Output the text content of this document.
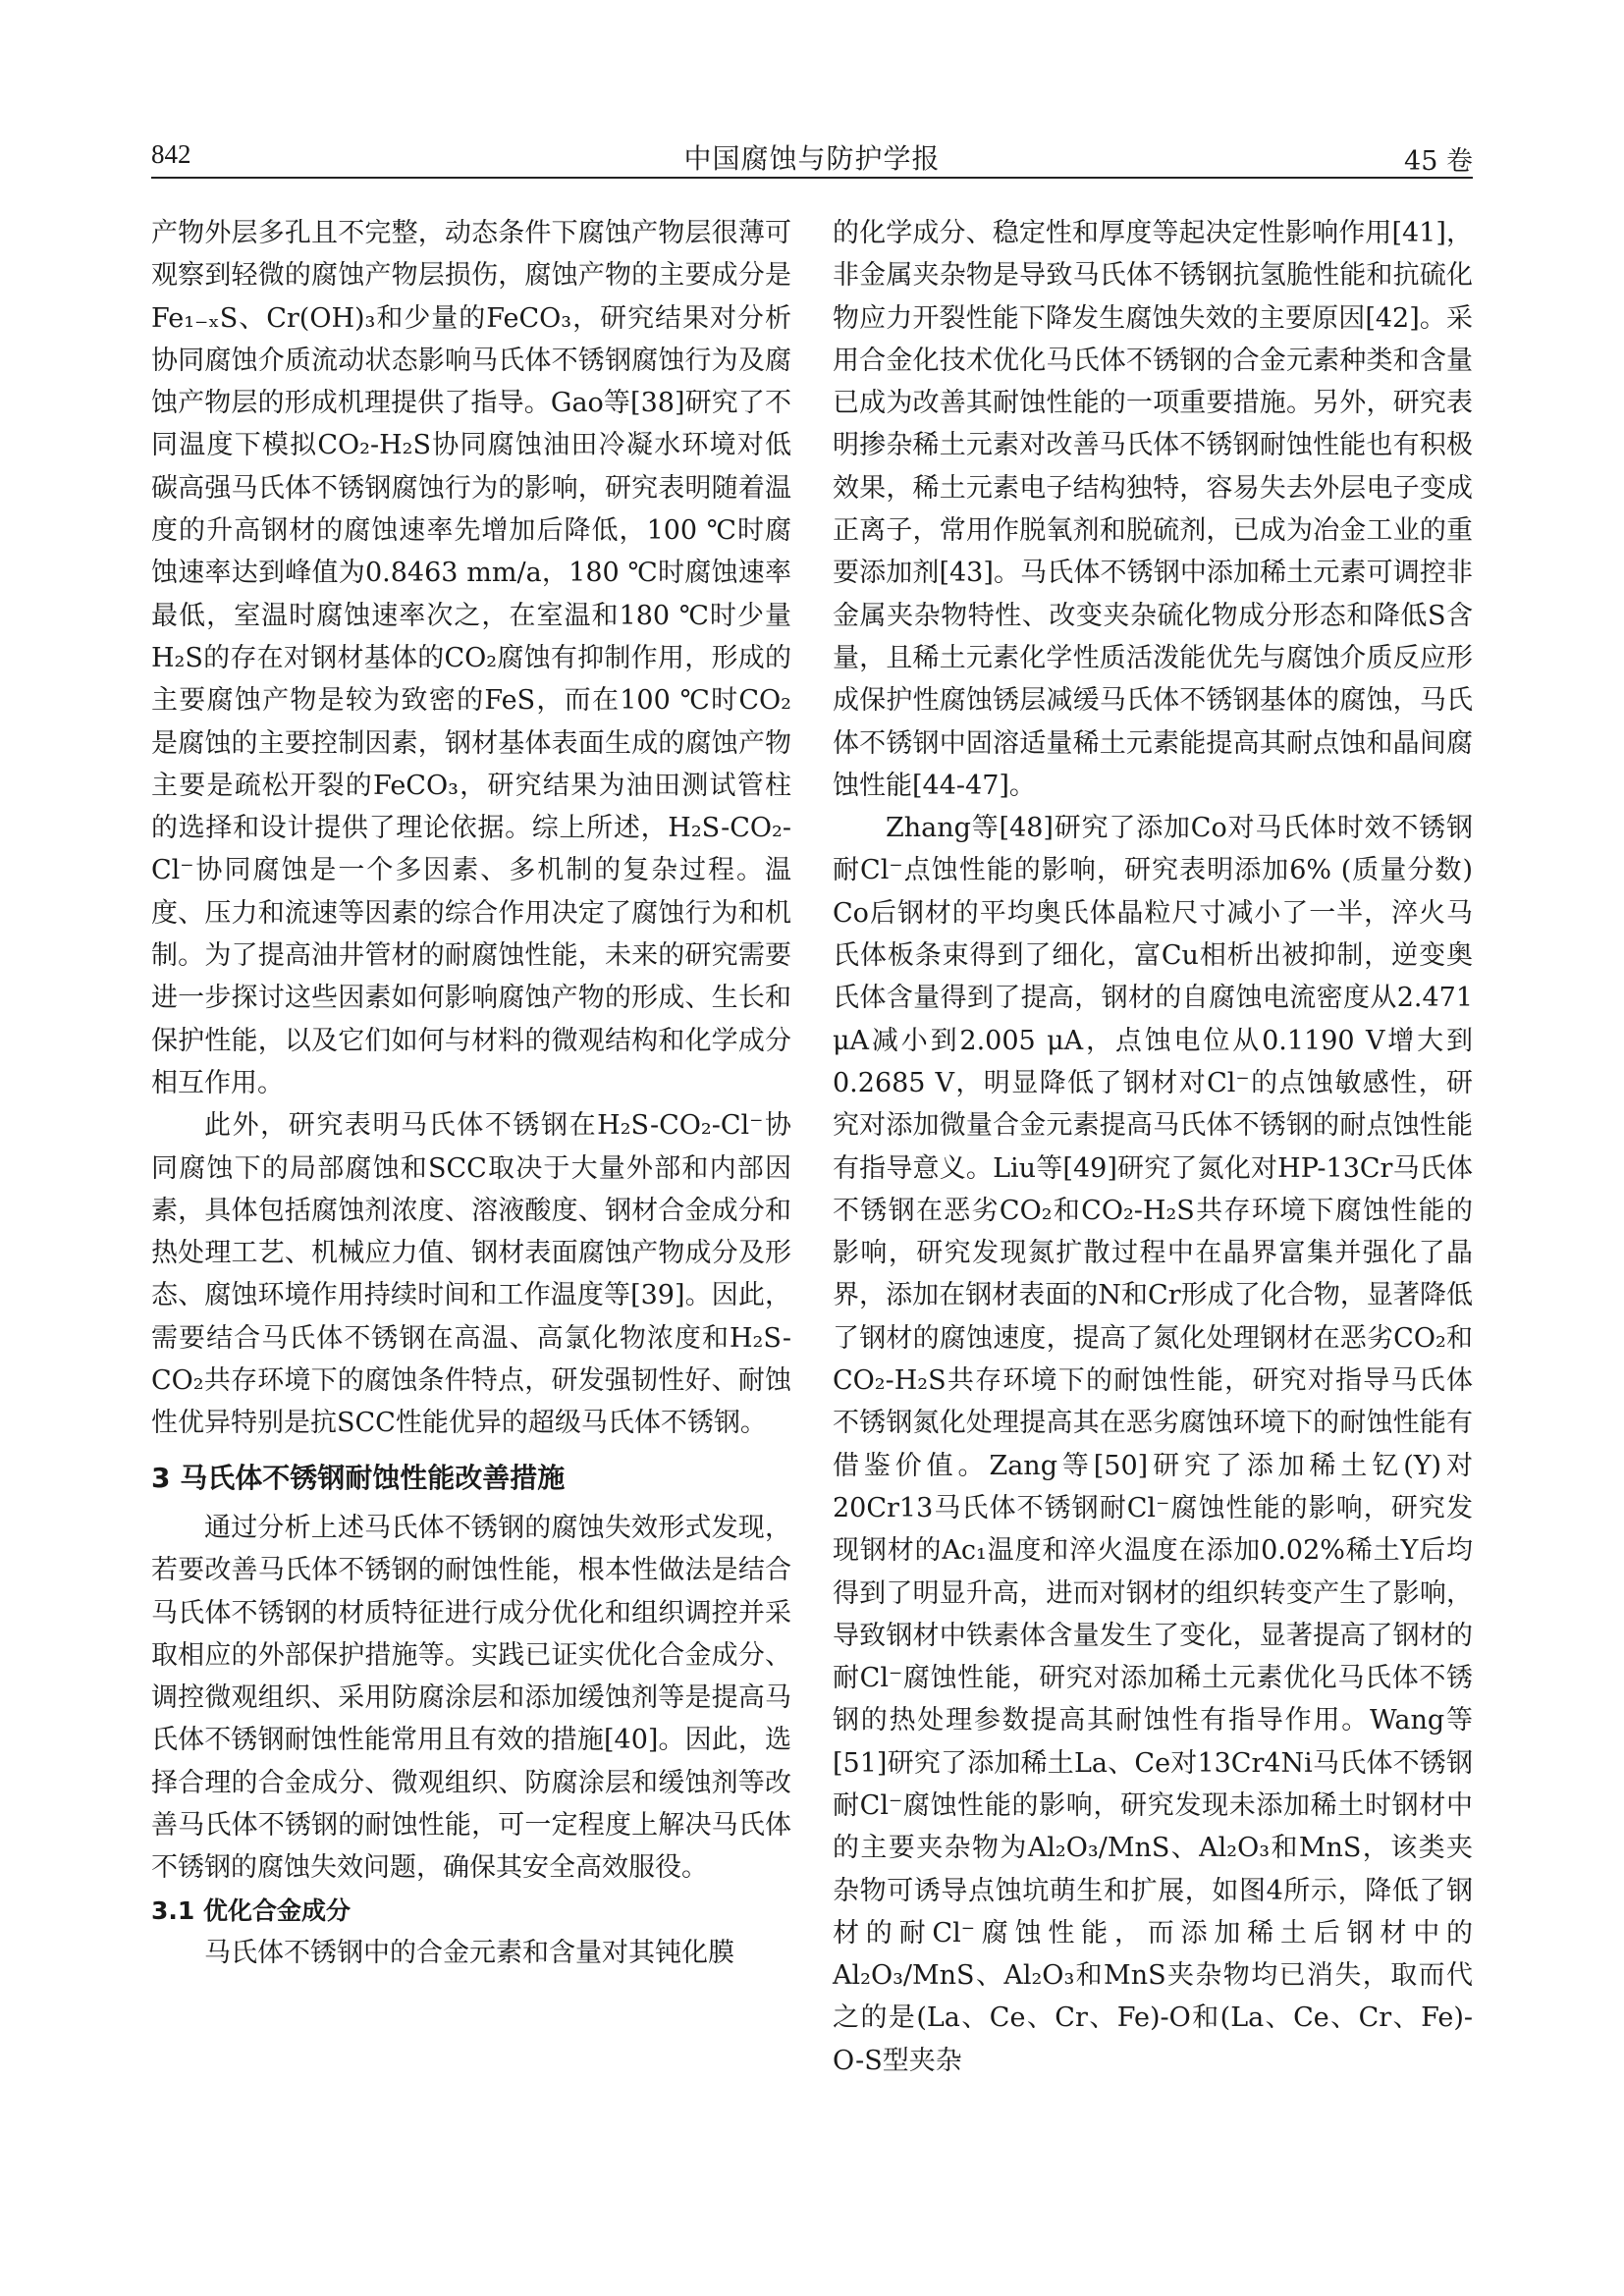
842	中国腐蚀与防护学报	45 卷

产物外层多孔且不完整，动态条件下腐蚀产物层很薄可观察到轻微的腐蚀产物层损伤，腐蚀产物的主要成分是Fe₁₋ₓS、Cr(OH)₃和少量的FeCO₃，研究结果对分析协同腐蚀介质流动状态影响马氏体不锈钢腐蚀行为及腐蚀产物层的形成机理提供了指导。Gao等[38]研究了不同温度下模拟CO₂-H₂S协同腐蚀油田冷凝水环境对低碳高强马氏体不锈钢腐蚀行为的影响，研究表明随着温度的升高钢材的腐蚀速率先增加后降低，100 ℃时腐蚀速率达到峰值为0.8463 mm/a，180 ℃时腐蚀速率最低，室温时腐蚀速率次之，在室温和180 ℃时少量H₂S的存在对钢材基体的CO₂腐蚀有抑制作用，形成的主要腐蚀产物是较为致密的FeS，而在100 ℃时CO₂是腐蚀的主要控制因素，钢材基体表面生成的腐蚀产物主要是疏松开裂的FeCO₃，研究结果为油田测试管柱的选择和设计提供了理论依据。综上所述，H₂S-CO₂-Cl⁻协同腐蚀是一个多因素、多机制的复杂过程。温度、压力和流速等因素的综合作用决定了腐蚀行为和机制。为了提高油井管材的耐腐蚀性能，未来的研究需要进一步探讨这些因素如何影响腐蚀产物的形成、生长和保护性能，以及它们如何与材料的微观结构和化学成分相互作用。

此外，研究表明马氏体不锈钢在H₂S-CO₂-Cl⁻协同腐蚀下的局部腐蚀和SCC取决于大量外部和内部因素，具体包括腐蚀剂浓度、溶液酸度、钢材合金成分和热处理工艺、机械应力值、钢材表面腐蚀产物成分及形态、腐蚀环境作用持续时间和工作温度等[39]。因此，需要结合马氏体不锈钢在高温、高氯化物浓度和H₂S-CO₂共存环境下的腐蚀条件特点，研发强韧性好、耐蚀性优异特别是抗SCC性能优异的超级马氏体不锈钢。

3 马氏体不锈钢耐蚀性能改善措施

通过分析上述马氏体不锈钢的腐蚀失效形式发现，若要改善马氏体不锈钢的耐蚀性能，根本性做法是结合马氏体不锈钢的材质特征进行成分优化和组织调控并采取相应的外部保护措施等。实践已证实优化合金成分、调控微观组织、采用防腐涂层和添加缓蚀剂等是提高马氏体不锈钢耐蚀性能常用且有效的措施[40]。因此，选择合理的合金成分、微观组织、防腐涂层和缓蚀剂等改善马氏体不锈钢的耐蚀性能，可一定程度上解决马氏体不锈钢的腐蚀失效问题，确保其安全高效服役。

3.1 优化合金成分

马氏体不锈钢中的合金元素和含量对其钝化膜

的化学成分、稳定性和厚度等起决定性影响作用[41]，非金属夹杂物是导致马氏体不锈钢抗氢脆性能和抗硫化物应力开裂性能下降发生腐蚀失效的主要原因[42]。采用合金化技术优化马氏体不锈钢的合金元素种类和含量已成为改善其耐蚀性能的一项重要措施。另外，研究表明掺杂稀土元素对改善马氏体不锈钢耐蚀性能也有积极效果，稀土元素电子结构独特，容易失去外层电子变成正离子，常用作脱氧剂和脱硫剂，已成为冶金工业的重要添加剂[43]。马氏体不锈钢中添加稀土元素可调控非金属夹杂物特性、改变夹杂硫化物成分形态和降低S含量，且稀土元素化学性质活泼能优先与腐蚀介质反应形成保护性腐蚀锈层减缓马氏体不锈钢基体的腐蚀，马氏体不锈钢中固溶适量稀土元素能提高其耐点蚀和晶间腐蚀性能[44-47]。

Zhang等[48]研究了添加Co对马氏体时效不锈钢耐Cl⁻点蚀性能的影响，研究表明添加6% (质量分数) Co后钢材的平均奥氏体晶粒尺寸减小了一半，淬火马氏体板条束得到了细化，富Cu相析出被抑制，逆变奥氏体含量得到了提高，钢材的自腐蚀电流密度从2.471 μA减小到2.005 μA，点蚀电位从0.1190 V增大到0.2685 V，明显降低了钢材对Cl⁻的点蚀敏感性，研究对添加微量合金元素提高马氏体不锈钢的耐点蚀性能有指导意义。Liu等[49]研究了氮化对HP-13Cr马氏体不锈钢在恶劣CO₂和CO₂-H₂S共存环境下腐蚀性能的影响，研究发现氮扩散过程中在晶界富集并强化了晶界，添加在钢材表面的N和Cr形成了化合物，显著降低了钢材的腐蚀速度，提高了氮化处理钢材在恶劣CO₂和CO₂-H₂S共存环境下的耐蚀性能，研究对指导马氏体不锈钢氮化处理提高其在恶劣腐蚀环境下的耐蚀性能有借鉴价值。Zang等[50]研究了添加稀土钇(Y)对20Cr13马氏体不锈钢耐Cl⁻腐蚀性能的影响，研究发现钢材的Ac₁温度和淬火温度在添加0.02%稀土Y后均得到了明显升高，进而对钢材的组织转变产生了影响，导致钢材中铁素体含量发生了变化，显著提高了钢材的耐Cl⁻腐蚀性能，研究对添加稀土元素优化马氏体不锈钢的热处理参数提高其耐蚀性有指导作用。Wang等[51]研究了添加稀土La、Ce对13Cr4Ni马氏体不锈钢耐Cl⁻腐蚀性能的影响，研究发现未添加稀土时钢材中的主要夹杂物为Al₂O₃/MnS、Al₂O₃和MnS，该类夹杂物可诱导点蚀坑萌生和扩展，如图4所示，降低了钢材的耐Cl⁻腐蚀性能，而添加稀土后钢材中的Al₂O₃/MnS、Al₂O₃和MnS夹杂物均已消失，取而代之的是(La、Ce、Cr、Fe)-O和(La、Ce、Cr、Fe)-O-S型夹杂
